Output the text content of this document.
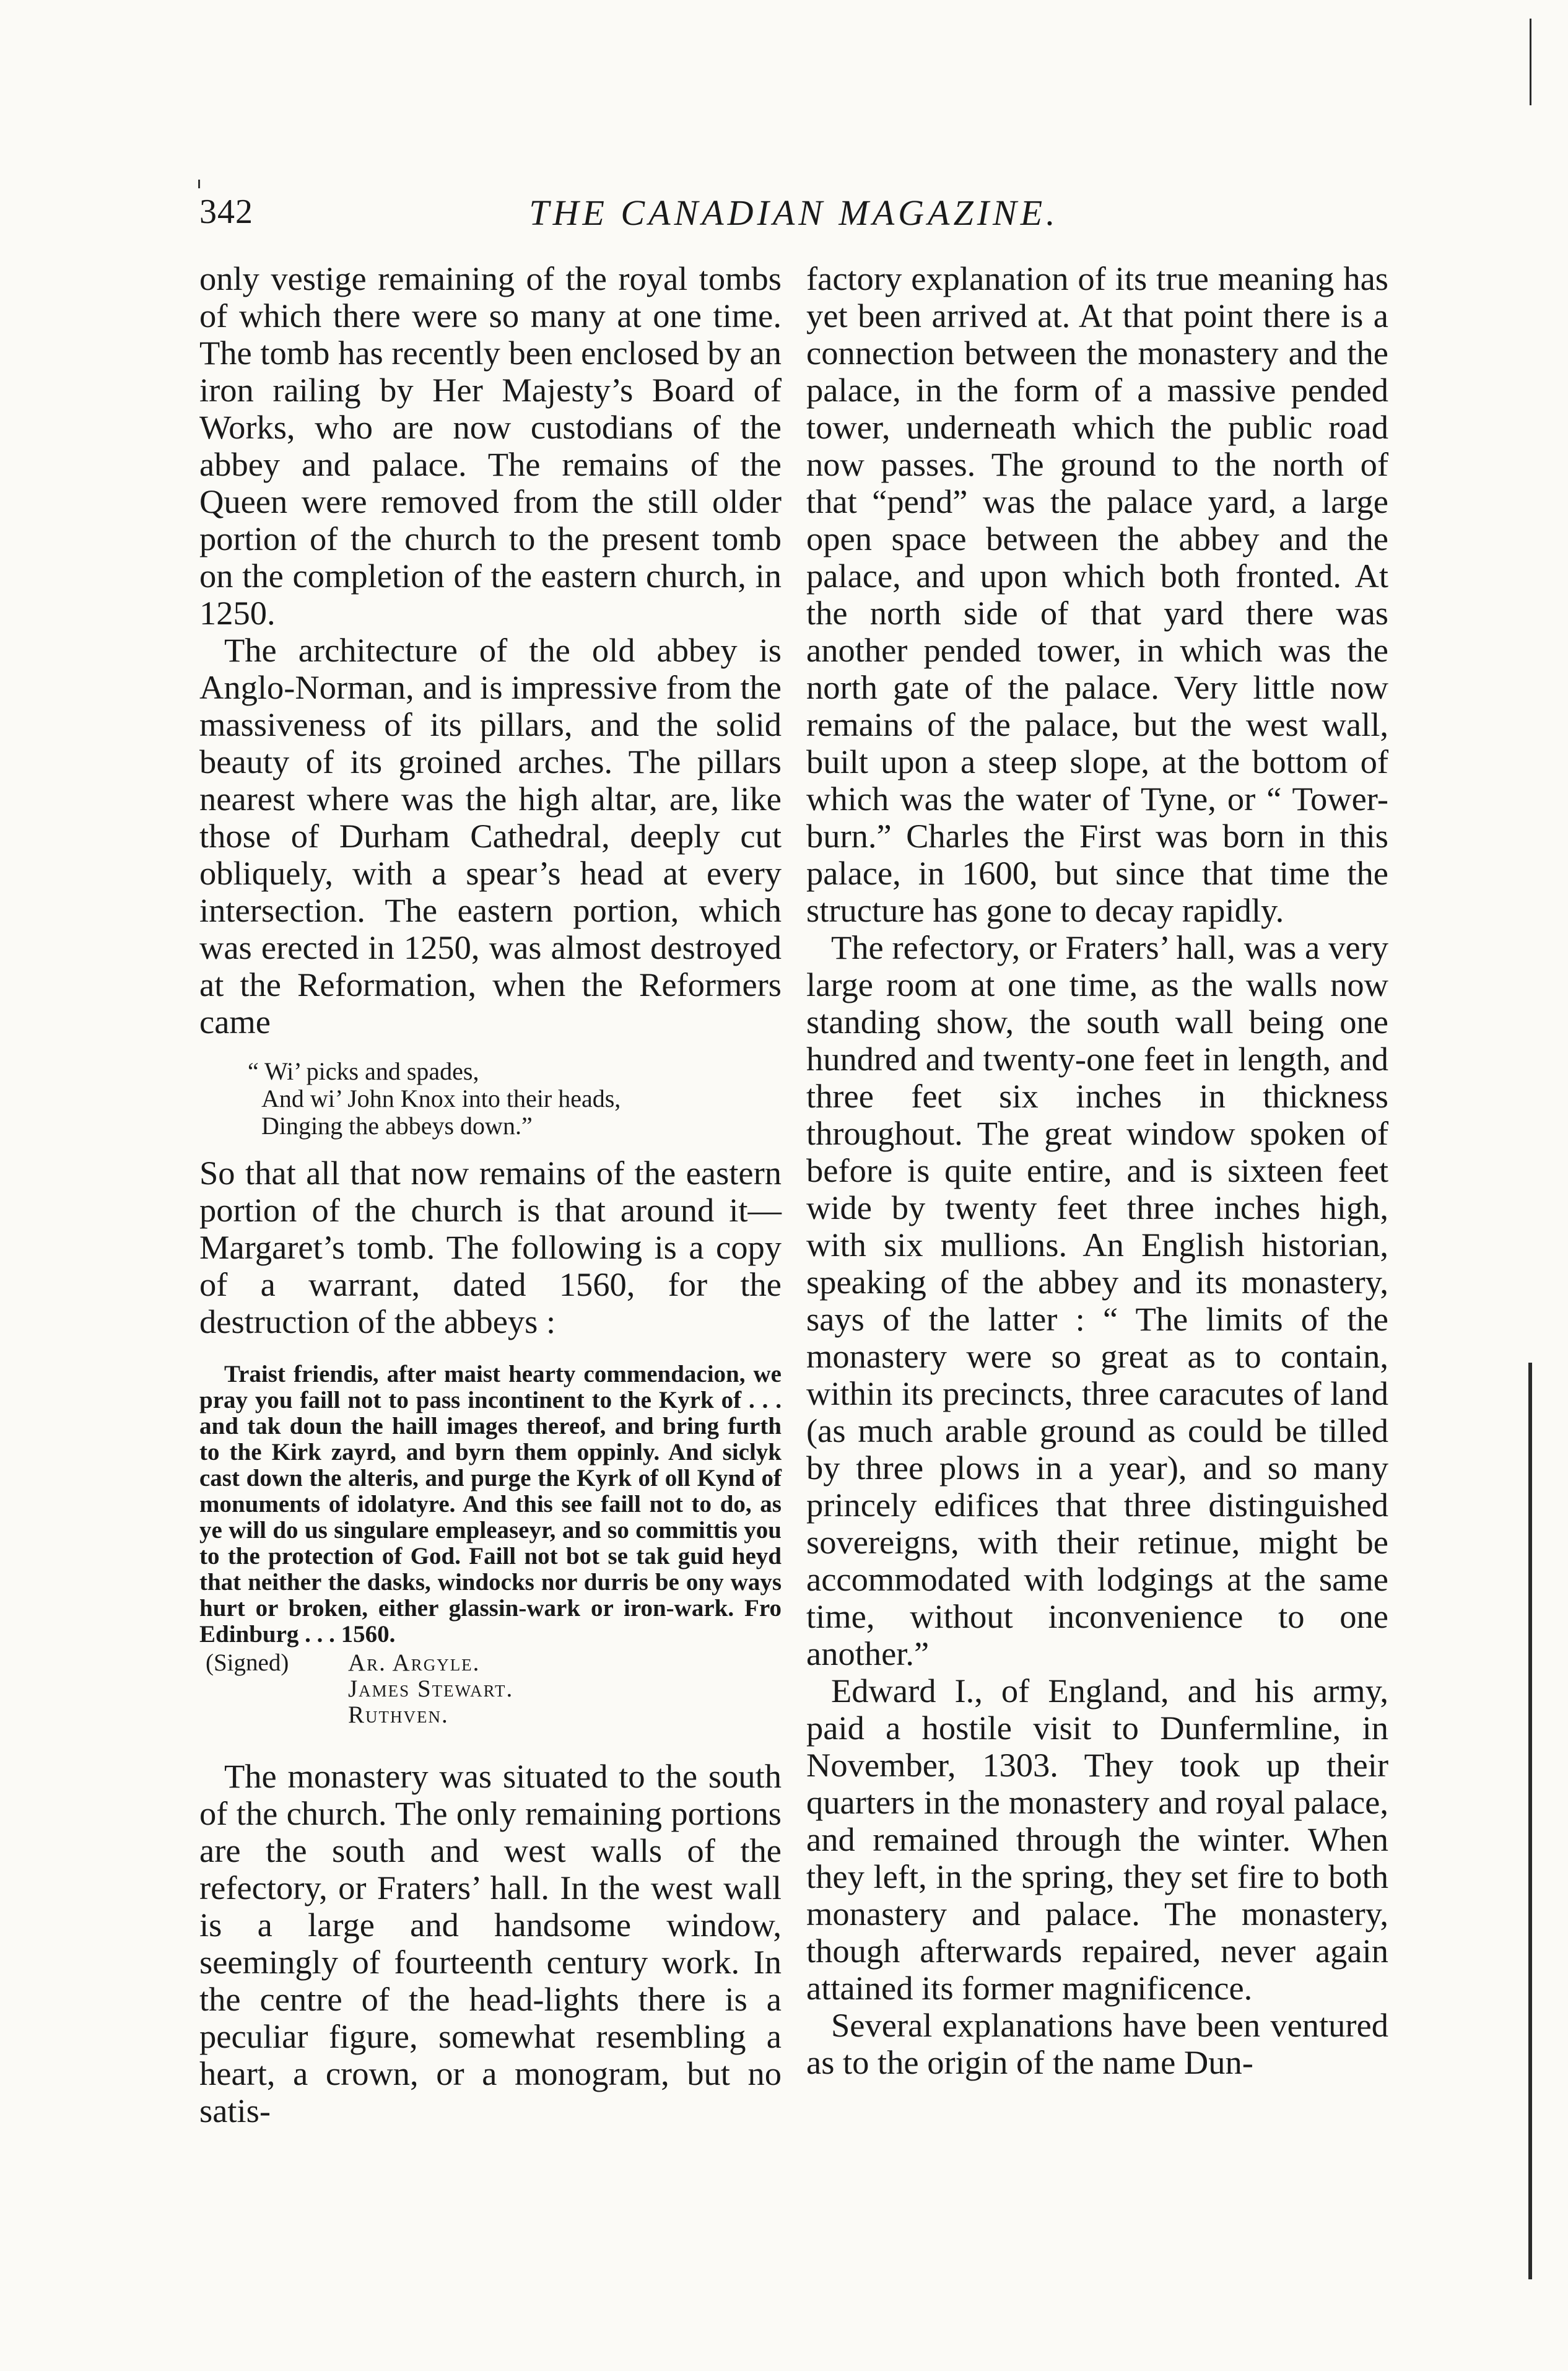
342	THE CANADIAN MAGAZINE.

only vestige remaining of the royal tombs of which there were so many at one time. The tomb has recently been enclosed by an iron railing by Her Majesty’s Board of Works, who are now custodians of the abbey and palace. The remains of the Queen were removed from the still older portion of the church to the present tomb on the completion of the eastern church, in 1250.

The architecture of the old abbey is Anglo-Norman, and is impressive from the massiveness of its pillars, and the solid beauty of its groined arches. The pillars nearest where was the high altar, are, like those of Durham Cathedral, deeply cut obliquely, with a spear’s head at every intersection. The eastern portion, which was erected in 1250, was almost destroyed at the Reformation, when the Reformers came

“ Wi’ picks and spades,
And wi’ John Knox into their heads,
Dinging the abbeys down.”

So that all that now remains of the eastern portion of the church is that around it—Margaret’s tomb. The following is a copy of a warrant, dated 1560, for the destruction of the abbeys :

Traist friendis, after maist hearty commendacion, we pray you faill not to pass incontinent to the Kyrk of . . . and tak doun the haill images thereof, and bring furth to the Kirk zayrd, and byrn them oppinly. And siclyk cast down the alteris, and purge the Kyrk of oll Kynd of monuments of idolatyre. And this see faill not to do, as ye will do us singulare empleaseyr, and so committis you to the protection of God. Faill not bot se tak guid heyd that neither the dasks, windocks nor durris be ony ways hurt or broken, either glassin-wark or iron-wark. Fro Edinburg . . . 1560.

(Signed)	Ar. Argyle.
James Stewart.
Ruthven.

The monastery was situated to the south of the church. The only remaining portions are the south and west walls of the refectory, or Fraters’ hall. In the west wall is a large and handsome window, seemingly of fourteenth century work. In the centre of the head-lights there is a peculiar figure, somewhat resembling a heart, a crown, or a monogram, but no satis-

factory explanation of its true meaning has yet been arrived at. At that point there is a connection between the monastery and the palace, in the form of a massive pended tower, underneath which the public road now passes. The ground to the north of that “pend” was the palace yard, a large open space between the abbey and the palace, and upon which both fronted. At the north side of that yard there was another pended tower, in which was the north gate of the palace. Very little now remains of the palace, but the west wall, built upon a steep slope, at the bottom of which was the water of Tyne, or “ Tower-burn.” Charles the First was born in this palace, in 1600, but since that time the structure has gone to decay rapidly.

The refectory, or Fraters’ hall, was a very large room at one time, as the walls now standing show, the south wall being one hundred and twenty-one feet in length, and three feet six inches in thickness throughout. The great window spoken of before is quite entire, and is sixteen feet wide by twenty feet three inches high, with six mullions. An English historian, speaking of the abbey and its monastery, says of the latter : “ The limits of the monastery were so great as to contain, within its precincts, three caracutes of land (as much arable ground as could be tilled by three plows in a year), and so many princely edifices that three distinguished sovereigns, with their retinue, might be accommodated with lodgings at the same time, without inconvenience to one another.”

Edward I., of England, and his army, paid a hostile visit to Dunfermline, in November, 1303. They took up their quarters in the monastery and royal palace, and remained through the winter. When they left, in the spring, they set fire to both monastery and palace. The monastery, though afterwards repaired, never again attained its former magnificence.

Several explanations have been ventured as to the origin of the name Dun-
